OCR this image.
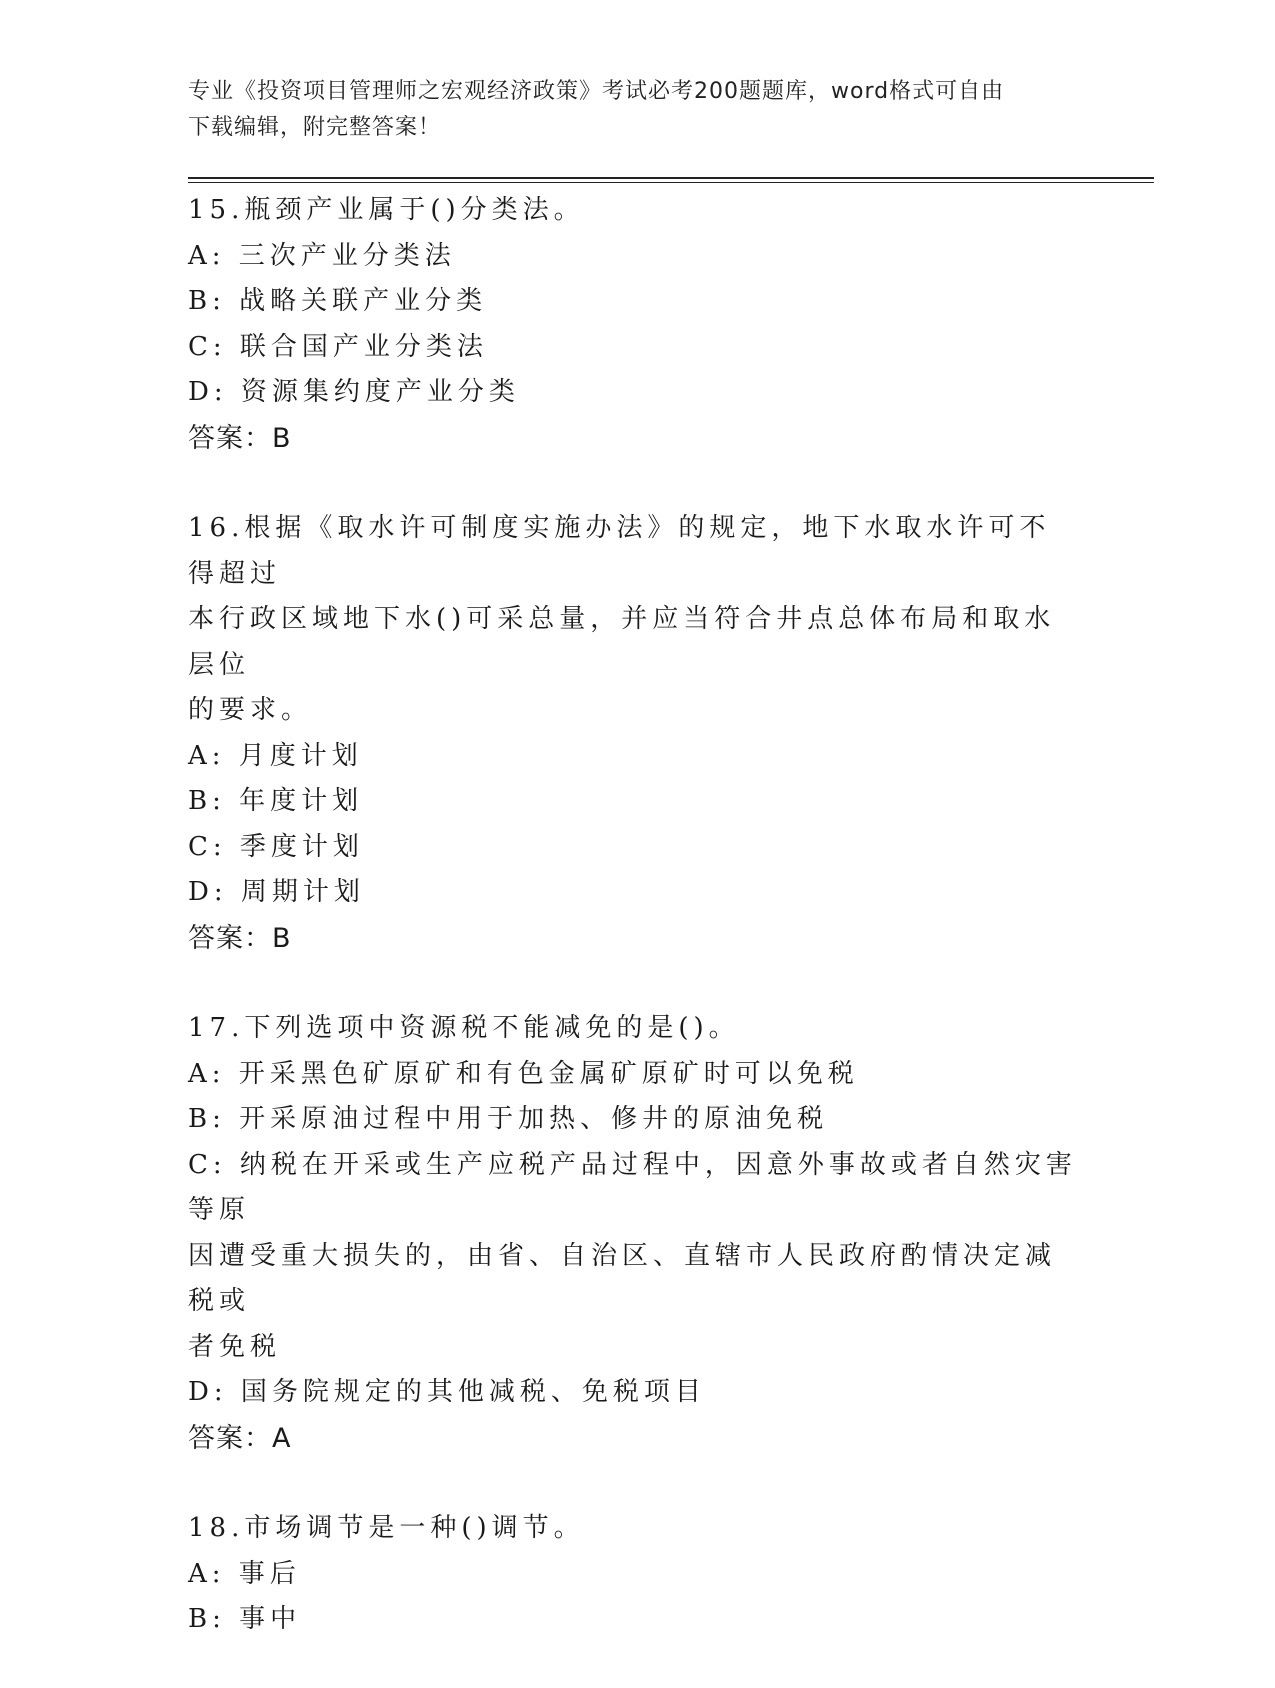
专业《投资项目管理师之宏观经济政策》考试必考200题题库，word格式可自由
下载编辑，附完整答案！
15.瓶颈产业属于()分类法。
A: 三次产业分类法
B: 战略关联产业分类
C: 联合国产业分类法
D: 资源集约度产业分类
答案：B
16.根据《取水许可制度实施办法》的规定，地下水取水许可不得超过
本行政区域地下水()可采总量，并应当符合井点总体布局和取水层位
的要求。
A: 月度计划
B: 年度计划
C: 季度计划
D: 周期计划
答案：B
17.下列选项中资源税不能减免的是()。
A: 开采黑色矿原矿和有色金属矿原矿时可以免税
B: 开采原油过程中用于加热、修井的原油免税
C: 纳税在开采或生产应税产品过程中，因意外事故或者自然灾害等原
因遭受重大损失的，由省、自治区、直辖市人民政府酌情决定减税或
者免税
D: 国务院规定的其他减税、免税项目
答案：A
18.市场调节是一种()调节。
A: 事后
B: 事中
